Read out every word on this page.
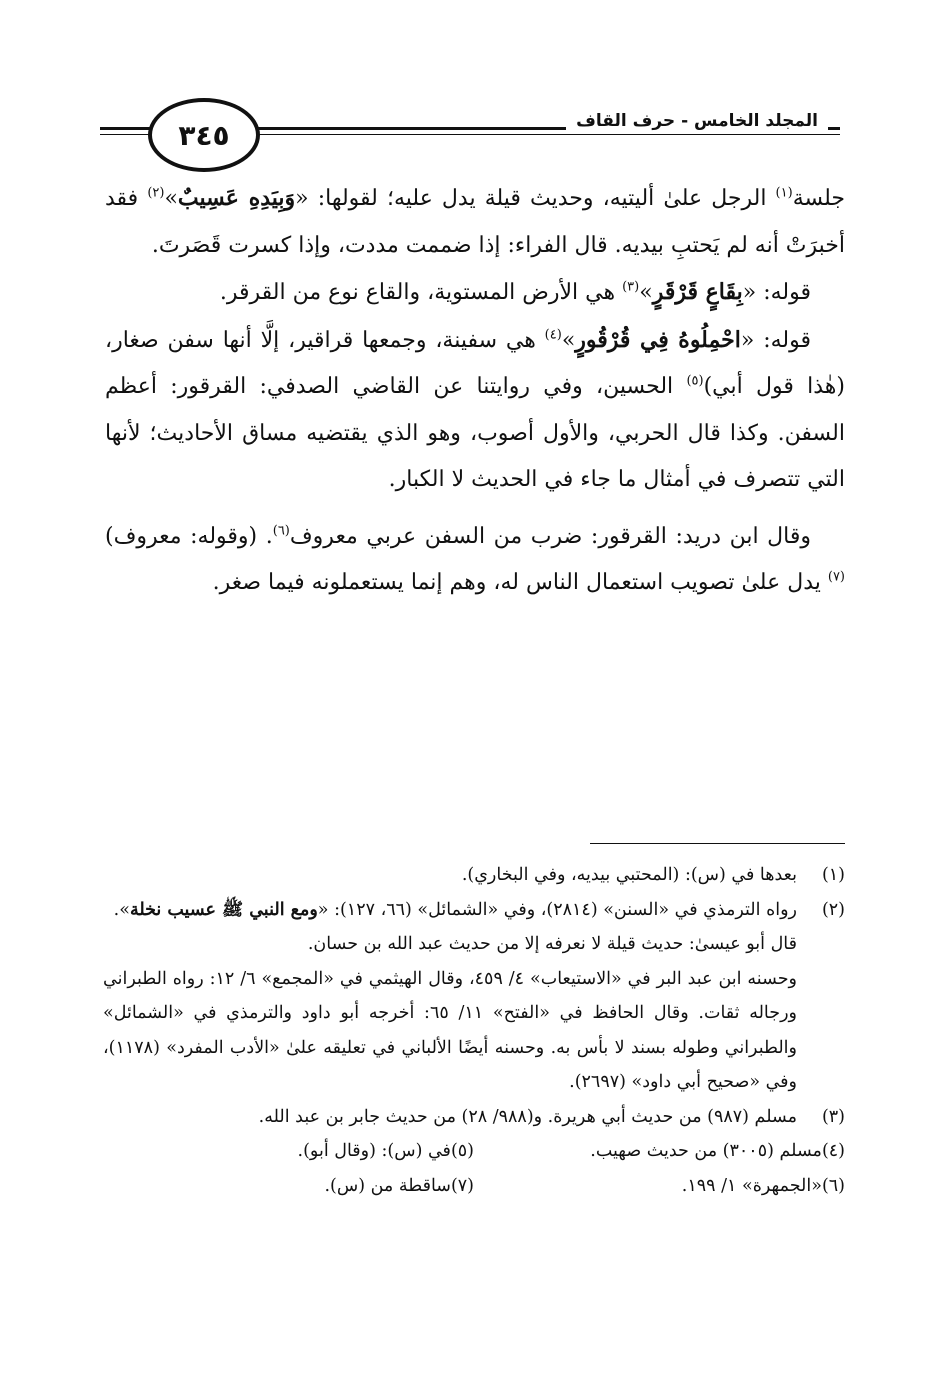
المجلد الخامس - حرف القاف
٣٤٥

جلسة$^{(١)}$ الرجل علىٰ أليتيه، وحديث قيلة يدل عليه؛ لقولها: «وَبِيَدِهِ عَسِيبٌ»$^{(٢)}$ فقد أخبرَتْ أنه لم يَحتبِ بيديه. قال الفراء: إذا ضممت مددت، وإذا كسرت قَصَرتَ.

قوله: «بِقَاعٍ قَرْقَرٍ»$^{(٣)}$ هي الأرض المستوية، والقاع نوع من القرقر.

قوله: «احْمِلُوهُ فِي قُرْقُورٍ»$^{(٤)}$ هي سفينة، وجمعها قراقير، إلَّا أنها سفن صغار، (هٰذا قول أبي)$^{(٥)}$ الحسين، وفي روايتنا عن القاضي الصدفي: القرقور: أعظم السفن. وكذا قال الحربي، والأول أصوب، وهو الذي يقتضيه مساق الأحاديث؛ لأنها التي تتصرف في أمثال ما جاء في الحديث لا الكبار.

وقال ابن دريد: القرقور: ضرب من السفن عربي معروف$^{(٦)}$. (وقوله: معروف)$^{(٧)}$ يدل علىٰ تصويب استعمال الناس له، وهم إنما يستعملونه فيما صغر.

(١)
بعدها في (س): (المحتبي بيديه، وفي البخاري).
(٢)
رواه الترمذي في «السنن» (٢٨١٤)، وفي «الشمائل» (٦٦، ١٢٧): «ومع النبي ﷺ عسيب نخلة».
قال أبو عيسىٰ: حديث قيلة لا نعرفه إلا من حديث عبد الله بن حسان.
وحسنه ابن عبد البر في «الاستيعاب» ٤/ ٤٥٩، وقال الهيثمي في «المجمع» ٦/ ١٢: رواه الطبراني ورجاله ثقات. وقال الحافظ في «الفتح» ١١/ ٦٥: أخرجه أبو داود والترمذي في «الشمائل» والطبراني وطوله بسند لا بأس به. وحسنه أيضًا الألباني في تعليقه علىٰ «الأدب المفرد» (١١٧٨)، وفي «صحيح أبي داود» (٢٦٩٧).
(٣)
مسلم (٩٨٧) من حديث أبي هريرة. و(٩٨٨/ ٢٨) من حديث جابر بن عبد الله.
(٤)
مسلم (٣٠٠٥) من حديث صهيب.
(٥)
في (س): (وقال أبو).
(٦)
«الجمهرة» ١/ ١٩٩.
(٧)
ساقطة من (س).
